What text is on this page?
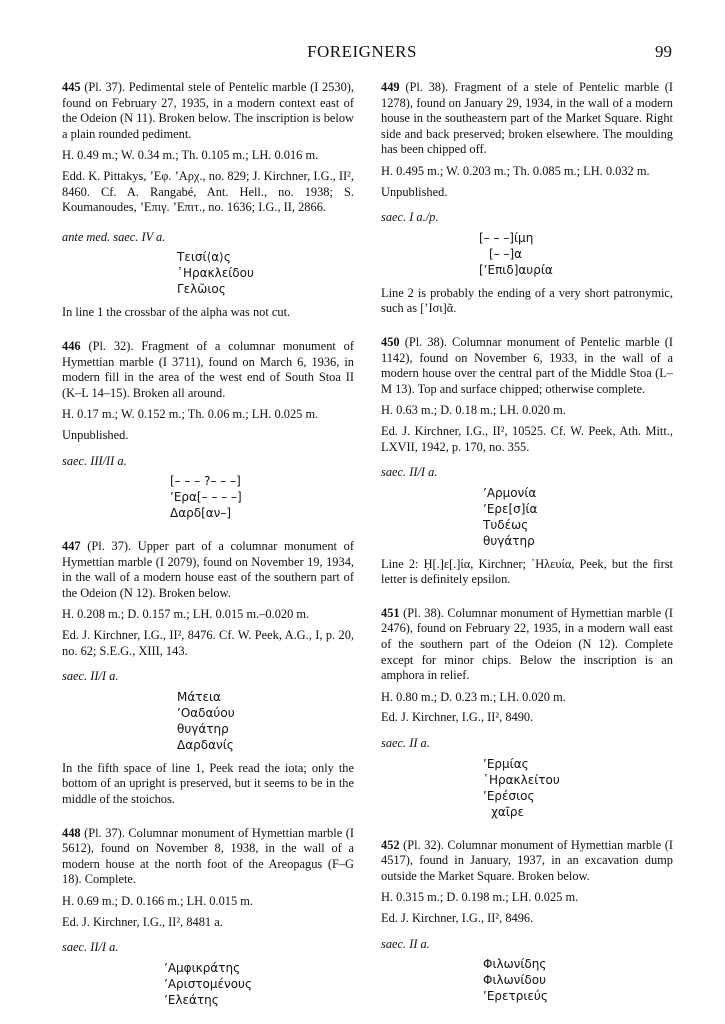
FOREIGNERS	99

445 (Pl. 37). Pedimental stele of Pentelic marble (I 2530), found on February 27, 1935, in a modern context east of the Odeion (N 11). Broken below. The inscription is below a plain rounded pediment.

H. 0.49 m.; W. 0.34 m.; Th. 0.105 m.; LH. 0.016 m.

Edd. K. Pittakys, ’Εφ. ’Αρχ., no. 829; J. Kirchner, I.G., II², 8460. Cf. A. Rangabé, Ant. Hell., no. 1938; S. Koumanoudes, ’Επιγ. ’Επιτ., no. 1636; I.G., II, 2866.

ante med. saec. IV a.

Τεισί⟨α⟩ς
῾Ηρακλείδου
Γελῶιος

In line 1 the crossbar of the alpha was not cut.

446 (Pl. 32). Fragment of a columnar monument of Hymettian marble (I 3711), found on March 6, 1936, in modern fill in the area of the west end of South Stoa II (K–L 14–15). Broken all around.

H. 0.17 m.; W. 0.152 m.; Th. 0.06 m.; LH. 0.025 m.

Unpublished.

saec. III/II a.

[– – – ?– – –]
’Ερα[– – – –]
Δαρδ[αν–]

447 (Pl. 37). Upper part of a columnar monument of Hymettian marble (I 2079), found on November 19, 1934, in the wall of a modern house east of the southern part of the Odeion (N 12). Broken below.

H. 0.208 m.; D. 0.157 m.; LH. 0.015 m.–0.020 m.

Ed. J. Kirchner, I.G., II², 8476. Cf. W. Peek, A.G., I, p. 20, no. 62; S.E.G., XIII, 143.

saec. II/I a.

Μάτεια
’Οαδαύου
θυγάτηρ
Δαρδανίς

In the fifth space of line 1, Peek read the iota; only the bottom of an upright is preserved, but it seems to be in the middle of the stoichos.

448 (Pl. 37). Columnar monument of Hymettian marble (I 5612), found on November 8, 1938, in the wall of a modern house at the north foot of the Areopagus (F–G 18). Complete.

H. 0.69 m.; D. 0.166 m.; LH. 0.015 m.

Ed. J. Kirchner, I.G., II², 8481 a.

saec. II/I a.

’Αμφικράτης
’Αριστομένους
’Ελεάτης

449 (Pl. 38). Fragment of a stele of Pentelic marble (I 1278), found on January 29, 1934, in the wall of a modern house in the southeastern part of the Market Square. Right side and back preserved; broken elsewhere. The moulding has been chipped off.

H. 0.495 m.; W. 0.203 m.; Th. 0.085 m.; LH. 0.032 m.

Unpublished.

saec. I a./p.

[– – –]ίμη
[– –]α
[’Επιδ]αυρία

Line 2 is probably the ending of a very short patronymic, such as [’Ισι]ᾶ.

450 (Pl. 38). Columnar monument of Pentelic marble (I 1142), found on November 6, 1933, in the wall of a modern house over the central part of the Middle Stoa (L–M 13). Top and surface chipped; otherwise complete.

H. 0.63 m.; D. 0.18 m.; LH. 0.020 m.

Ed. J. Kirchner, I.G., II², 10525. Cf. W. Peek, Ath. Mitt., LXVII, 1942, p. 170, no. 355.

saec. II/I a.

’Αρμονία
’Ερε[σ]ία
Τυδέως
θυγάτηρ

Line 2: Ḥ[.]ε[.]ία, Kirchner; ῾Ηλευία, Peek, but the first letter is definitely epsilon.

451 (Pl. 38). Columnar monument of Hymettian marble (I 2476), found on February 22, 1935, in a modern wall east of the southern part of the Odeion (N 12). Complete except for minor chips. Below the inscription is an amphora in relief.

H. 0.80 m.; D. 0.23 m.; LH. 0.020 m.

Ed. J. Kirchner, I.G., II², 8490.

saec. II a.

’Ερμίας
῾Ηρακλείτου
’Ερέσιος
χαῖρε

452 (Pl. 32). Columnar monument of Hymettian marble (I 4517), found in January, 1937, in an excavation dump outside the Market Square. Broken below.

H. 0.315 m.; D. 0.198 m.; LH. 0.025 m.

Ed. J. Kirchner, I.G., II², 8496.

saec. II a.

Φιλωνίδης
Φιλωνίδου
’Ερετριεύς
